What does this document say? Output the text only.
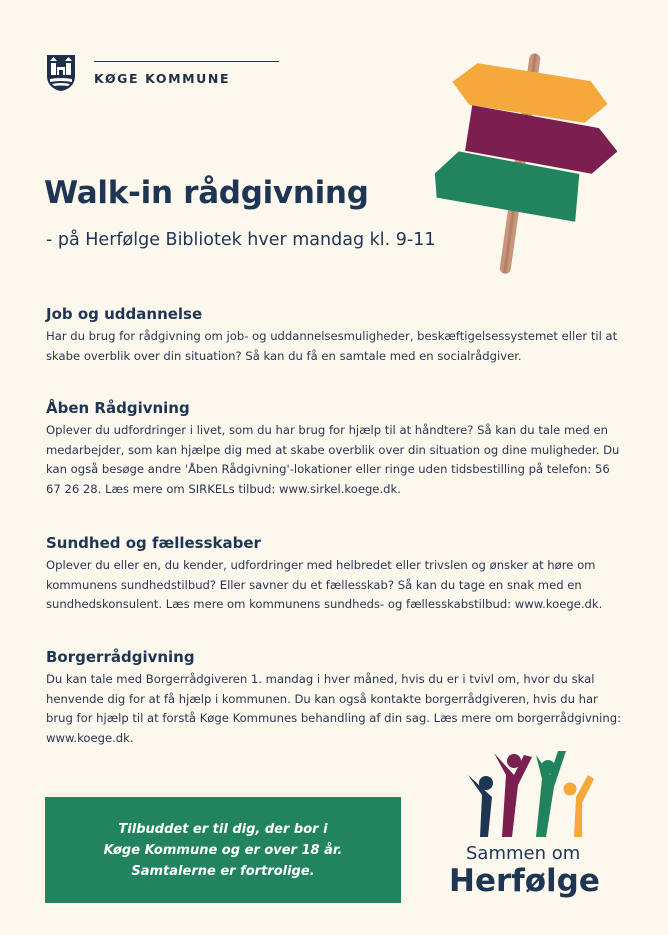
KØGE KOMMUNE
Walk-in rådgivning
- på Herfølge Bibliotek hver mandag kl. 9-11
Job og uddannelse

Har du brug for rådgivning om job- og uddannelsesmuligheder, beskæftigelsessystemet eller til at skabe overblik over din situation? Så kan du få en samtale med en socialrådgiver.

Åben Rådgivning

Oplever du udfordringer i livet, som du har brug for hjælp til at håndtere? Så kan du tale med en medarbejder, som kan hjælpe dig med at skabe overblik over din situation og dine muligheder. Du kan også besøge andre 'Åben Rådgivning'-lokationer eller ringe uden tidsbestilling på telefon: 56 67 26 28. Læs mere om SIRKELs tilbud: www.sirkel.koege.dk.

Sundhed og fællesskaber

Oplever du eller en, du kender, udfordringer med helbredet eller trivslen og ønsker at høre om kommunens sundhedstilbud? Eller savner du et fællesskab? Så kan du tage en snak med en sundhedskonsulent. Læs mere om kommunens sundheds- og fællesskabstilbud: www.koege.dk.

Borgerrådgivning

Du kan tale med Borgerrådgiveren 1. mandag i hver måned, hvis du er i tvivl om, hvor du skal henvende dig for at få hjælp i kommunen. Du kan også kontakte borgerrådgiveren, hvis du har brug for hjælp til at forstå Køge Kommunes behandling af din sag. Læs mere om borgerrådgivning: www.koege.dk.

Tilbuddet er til dig, der bor i
Køge Kommune og er over 18 år.
Samtalerne er fortrolige.

Sammen om
Herfølge
